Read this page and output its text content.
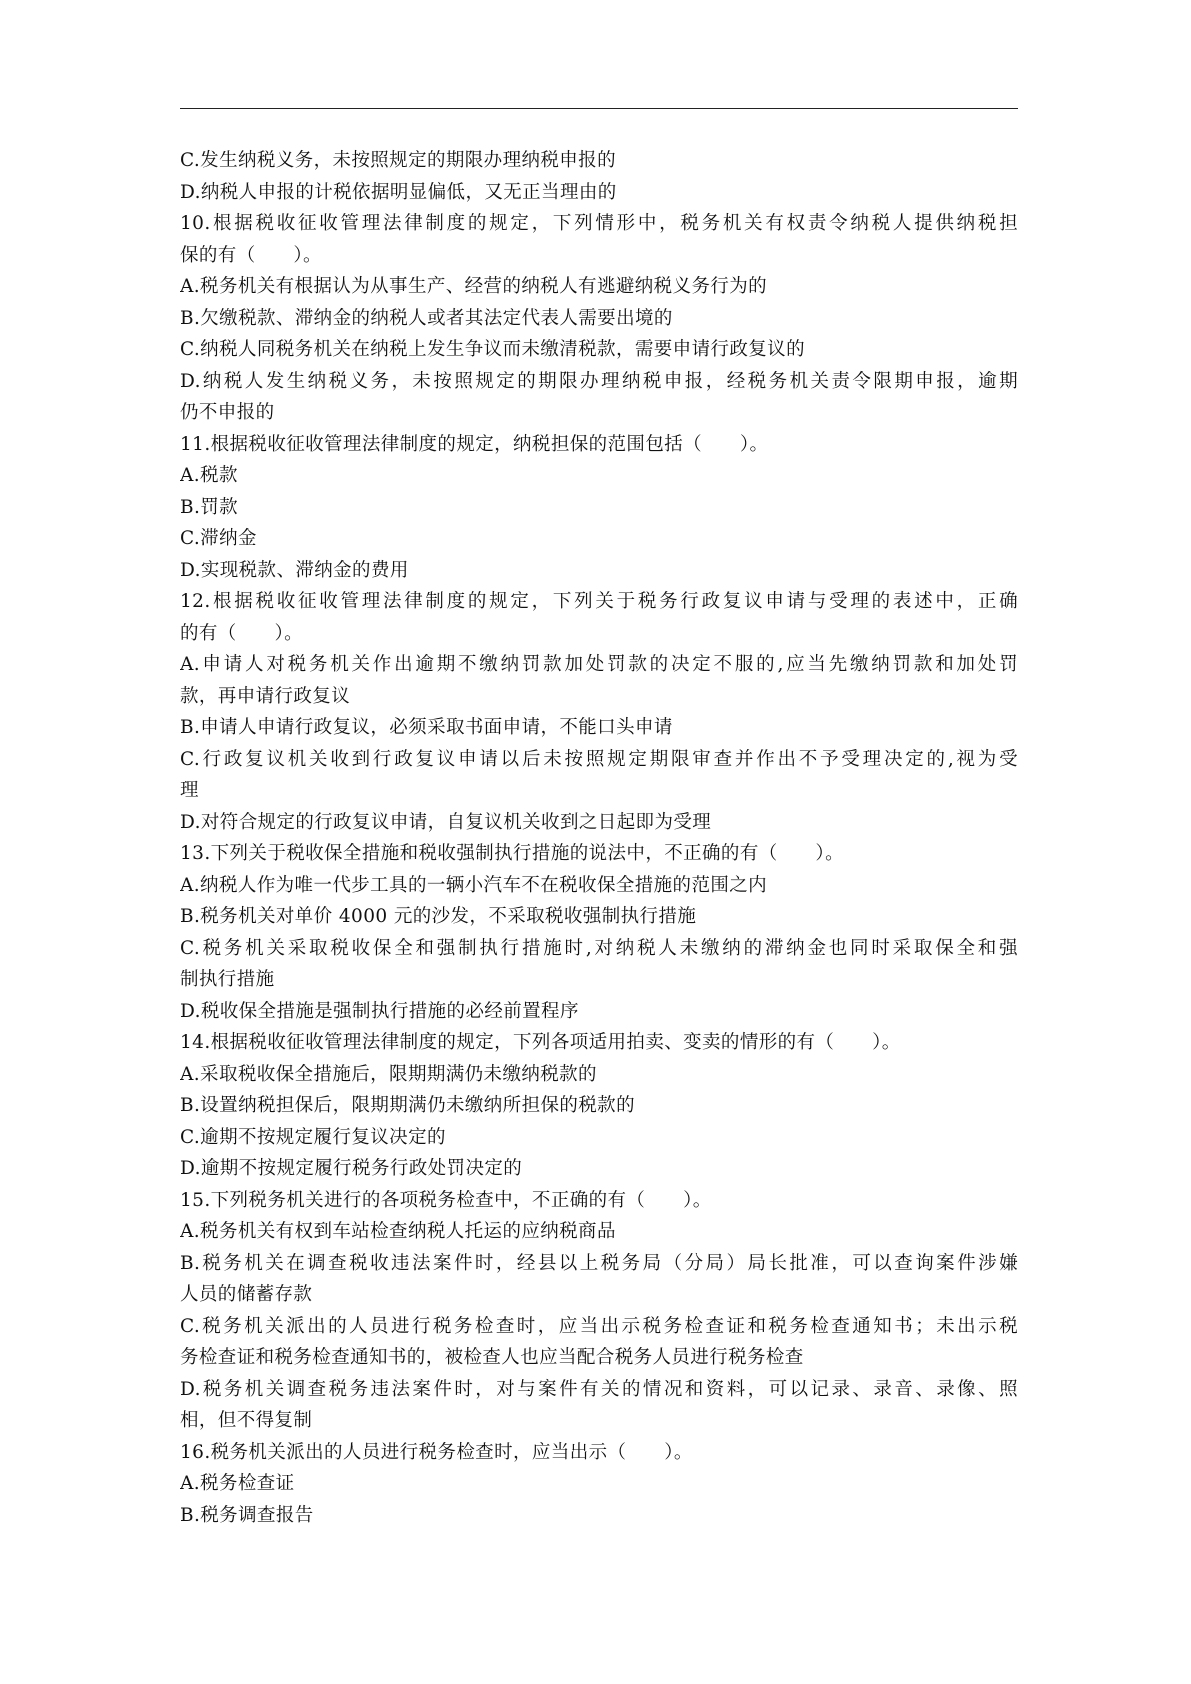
C.发生纳税义务，未按照规定的期限办理纳税申报的
D.纳税人申报的计税依据明显偏低，又无正当理由的
10.根据税收征收管理法律制度的规定，下列情形中，税务机关有权责令纳税人提供纳税担
保的有（　　）。
A.税务机关有根据认为从事生产、经营的纳税人有逃避纳税义务行为的
B.欠缴税款、滞纳金的纳税人或者其法定代表人需要出境的
C.纳税人同税务机关在纳税上发生争议而未缴清税款，需要申请行政复议的
D.纳税人发生纳税义务，未按照规定的期限办理纳税申报，经税务机关责令限期申报，逾期
仍不申报的
11.根据税收征收管理法律制度的规定，纳税担保的范围包括（　　）。
A.税款
B.罚款
C.滞纳金
D.实现税款、滞纳金的费用
12.根据税收征收管理法律制度的规定，下列关于税务行政复议申请与受理的表述中，正确
的有（　　）。
A.申请人对税务机关作出逾期不缴纳罚款加处罚款的决定不服的,应当先缴纳罚款和加处罚
款，再申请行政复议
B.申请人申请行政复议，必须采取书面申请，不能口头申请
C.行政复议机关收到行政复议申请以后未按照规定期限审查并作出不予受理决定的,视为受
理
D.对符合规定的行政复议申请，自复议机关收到之日起即为受理
13.下列关于税收保全措施和税收强制执行措施的说法中，不正确的有（　　）。
A.纳税人作为唯一代步工具的一辆小汽车不在税收保全措施的范围之内
B.税务机关对单价 4000 元的沙发，不采取税收强制执行措施
C.税务机关采取税收保全和强制执行措施时,对纳税人未缴纳的滞纳金也同时采取保全和强
制执行措施
D.税收保全措施是强制执行措施的必经前置程序
14.根据税收征收管理法律制度的规定，下列各项适用拍卖、变卖的情形的有（　　）。
A.采取税收保全措施后，限期期满仍未缴纳税款的
B.设置纳税担保后，限期期满仍未缴纳所担保的税款的
C.逾期不按规定履行复议决定的
D.逾期不按规定履行税务行政处罚决定的
15.下列税务机关进行的各项税务检查中，不正确的有（　　）。
A.税务机关有权到车站检查纳税人托运的应纳税商品
B.税务机关在调查税收违法案件时，经县以上税务局（分局）局长批准，可以查询案件涉嫌
人员的储蓄存款
C.税务机关派出的人员进行税务检查时，应当出示税务检查证和税务检查通知书；未出示税
务检查证和税务检查通知书的，被检查人也应当配合税务人员进行税务检查
D.税务机关调查税务违法案件时，对与案件有关的情况和资料，可以记录、录音、录像、照
相，但不得复制
16.税务机关派出的人员进行税务检查时，应当出示（　　）。
A.税务检查证
B.税务调查报告
